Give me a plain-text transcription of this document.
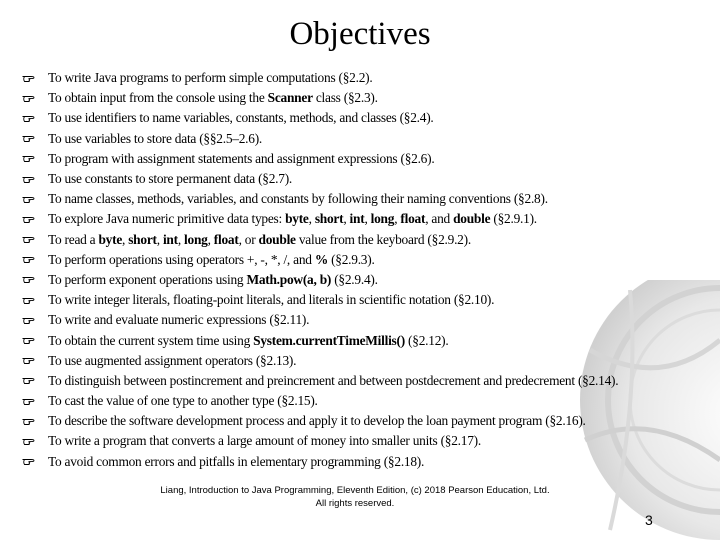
Objectives
To write Java programs to perform simple computations (§2.2).
To obtain input from the console using the Scanner class (§2.3).
To use identifiers to name variables, constants, methods, and classes (§2.4).
To use variables to store data (§§2.5–2.6).
To program with assignment statements and assignment expressions (§2.6).
To use constants to store permanent data (§2.7).
To name classes, methods, variables, and constants by following their naming conventions (§2.8).
To explore Java numeric primitive data types: byte, short, int, long, float, and double (§2.9.1).
To read a byte, short, int, long, float, or double value from the keyboard (§2.9.2).
To perform operations using operators +, -, *, /, and % (§2.9.3).
To perform exponent operations using Math.pow(a, b) (§2.9.4).
To write integer literals, floating-point literals, and literals in scientific notation (§2.10).
To write and evaluate numeric expressions (§2.11).
To obtain the current system time using System.currentTimeMillis() (§2.12).
To use augmented assignment operators (§2.13).
To distinguish between postincrement and preincrement and between postdecrement and predecrement (§2.14).
To cast the value of one type to another type (§2.15).
To describe the software development process and apply it to develop the loan payment program (§2.16).
To write a program that converts a large amount of money into smaller units (§2.17).
To avoid common errors and pitfalls in elementary programming (§2.18).
Liang, Introduction to Java Programming, Eleventh Edition, (c) 2018 Pearson Education, Ltd.
All rights reserved.
3
